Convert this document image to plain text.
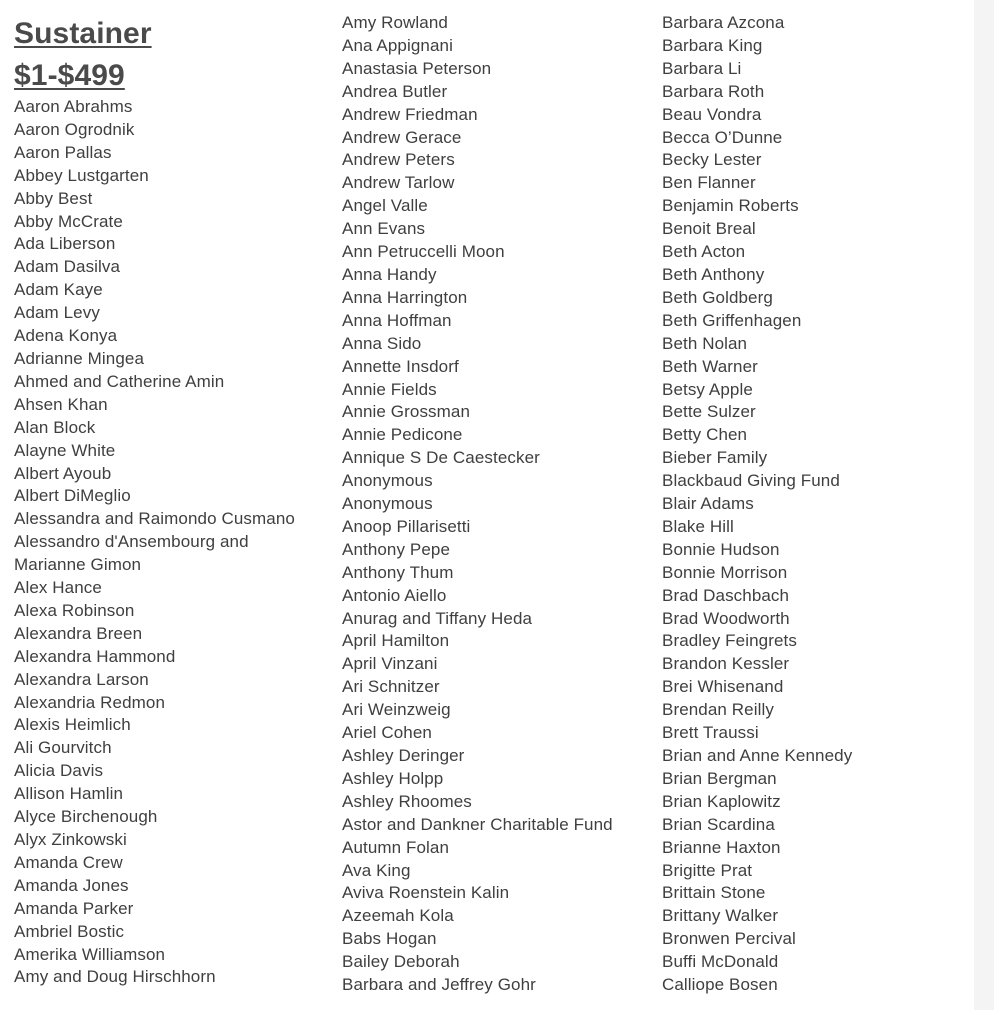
Sustainer
$1-$499
Aaron Abrahms
Aaron Ogrodnik
Aaron Pallas
Abbey Lustgarten
Abby Best
Abby McCrate
Ada Liberson
Adam Dasilva
Adam Kaye
Adam Levy
Adena Konya
Adrianne Mingea
Ahmed and Catherine Amin
Ahsen Khan
Alan Block
Alayne White
Albert Ayoub
Albert DiMeglio
Alessandra and Raimondo Cusmano
Alessandro d'Ansembourg and Marianne Gimon
Alex Hance
Alexa Robinson
Alexandra Breen
Alexandra Hammond
Alexandra Larson
Alexandria Redmon
Alexis Heimlich
Ali Gourvitch
Alicia Davis
Allison Hamlin
Alyce Birchenough
Alyx Zinkowski
Amanda Crew
Amanda Jones
Amanda Parker
Ambriel Bostic
Amerika Williamson
Amy and Doug Hirschhorn
Amy Rowland
Ana Appignani
Anastasia Peterson
Andrea Butler
Andrew Friedman
Andrew Gerace
Andrew Peters
Andrew Tarlow
Angel Valle
Ann Evans
Ann Petruccelli Moon
Anna Handy
Anna Harrington
Anna Hoffman
Anna Sido
Annette Insdorf
Annie Fields
Annie Grossman
Annie Pedicone
Annique S De Caestecker
Anonymous
Anonymous
Anoop Pillarisetti
Anthony Pepe
Anthony Thum
Antonio Aiello
Anurag and Tiffany Heda
April Hamilton
April Vinzani
Ari Schnitzer
Ari Weinzweig
Ariel Cohen
Ashley Deringer
Ashley Holpp
Ashley Rhoomes
Astor and Dankner Charitable Fund
Autumn Folan
Ava King
Aviva Roenstein Kalin
Azeemah Kola
Babs Hogan
Bailey Deborah
Barbara and Jeffrey Gohr
Barbara Azcona
Barbara King
Barbara Li
Barbara Roth
Beau Vondra
Becca O’Dunne
Becky Lester
Ben Flanner
Benjamin Roberts
Benoit Breal
Beth Acton
Beth Anthony
Beth Goldberg
Beth Griffenhagen
Beth Nolan
Beth Warner
Betsy Apple
Bette Sulzer
Betty Chen
Bieber Family
Blackbaud Giving Fund
Blair Adams
Blake Hill
Bonnie Hudson
Bonnie Morrison
Brad Daschbach
Brad Woodworth
Bradley Feingrets
Brandon Kessler
Brei Whisenand
Brendan Reilly
Brett Traussi
Brian and Anne Kennedy
Brian Bergman
Brian Kaplowitz
Brian Scardina
Brianne Haxton
Brigitte Prat
Brittain Stone
Brittany Walker
Bronwen Percival
Buffi McDonald
Calliope Bosen
